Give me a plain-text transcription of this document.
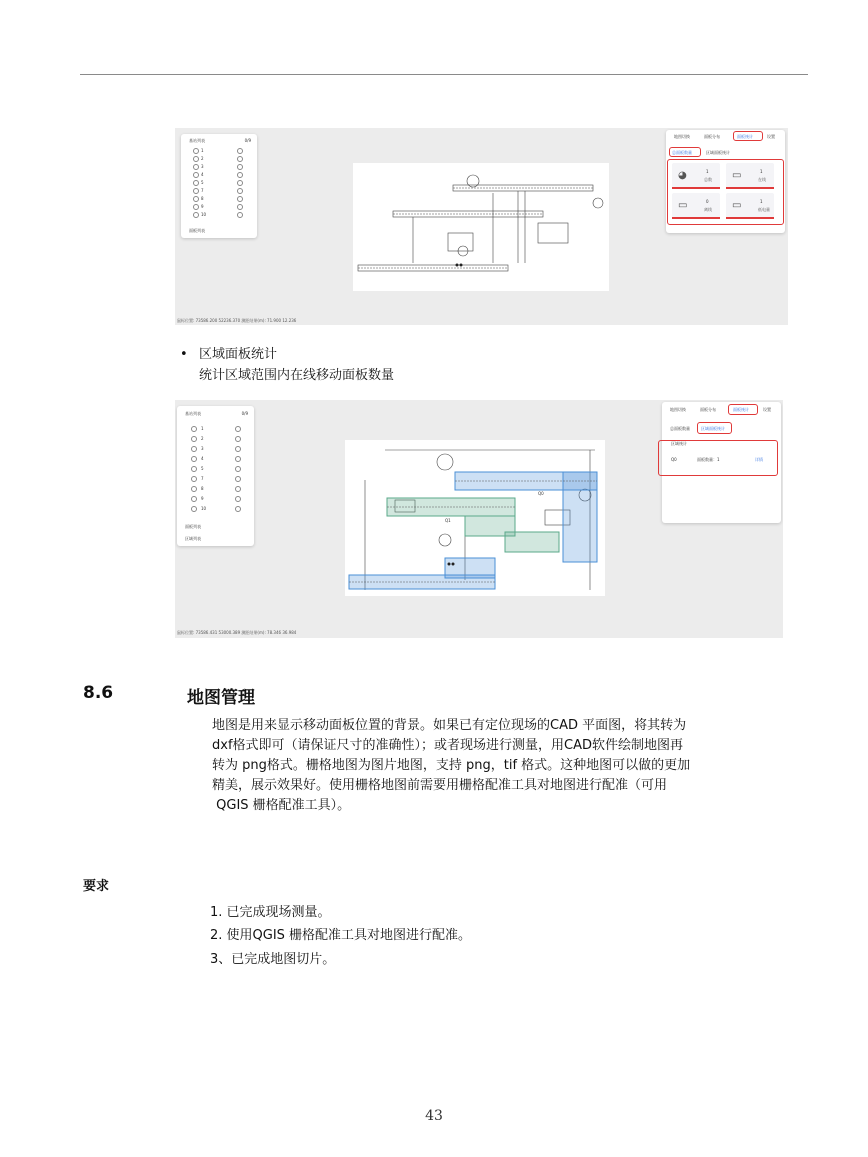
基站列表	0/9
1
2
3
4
5
7
8
9
10
面板列表
地图切换	面板分布	面板统计	设置
总面板数量	区域面板统计
◕	1
总数 ▭	1
在线
▭	0
离线 ▭	1
低电量
鼠标位置: 73586.200 52236.370 测距结果(m): 71.900 12.236
• 区域面板统计
统计区域范围内在线移动面板数量
Q0
Q1
基站列表	0/9
1
2
3
4
5
7
8
9
10
面板列表
区域列表
地图切换	面板分布	面板统计	设置
总面板数量	区域面板统计
区域统计
Q0	面板数量：1	详情
鼠标位置: 73586.431 53000.389 测距结果(m): 78.346 36.984
8.6	地图管理
地图是用来显示移动面板位置的背景。如果已有定位现场的CAD 平面图，将其转为
dxf格式即可（请保证尺寸的准确性）；或者现场进行测量，用CAD软件绘制地图再
转为 png格式。栅格地图为图片地图，支持 png，tif 格式。这种地图可以做的更加
精美，展示效果好。使用栅格地图前需要用栅格配准工具对地图进行配准（可用
QGIS 栅格配准工具）。
要求
1. 已完成现场测量。
2. 使用QGIS 栅格配准工具对地图进行配准。
3、已完成地图切片。
43
